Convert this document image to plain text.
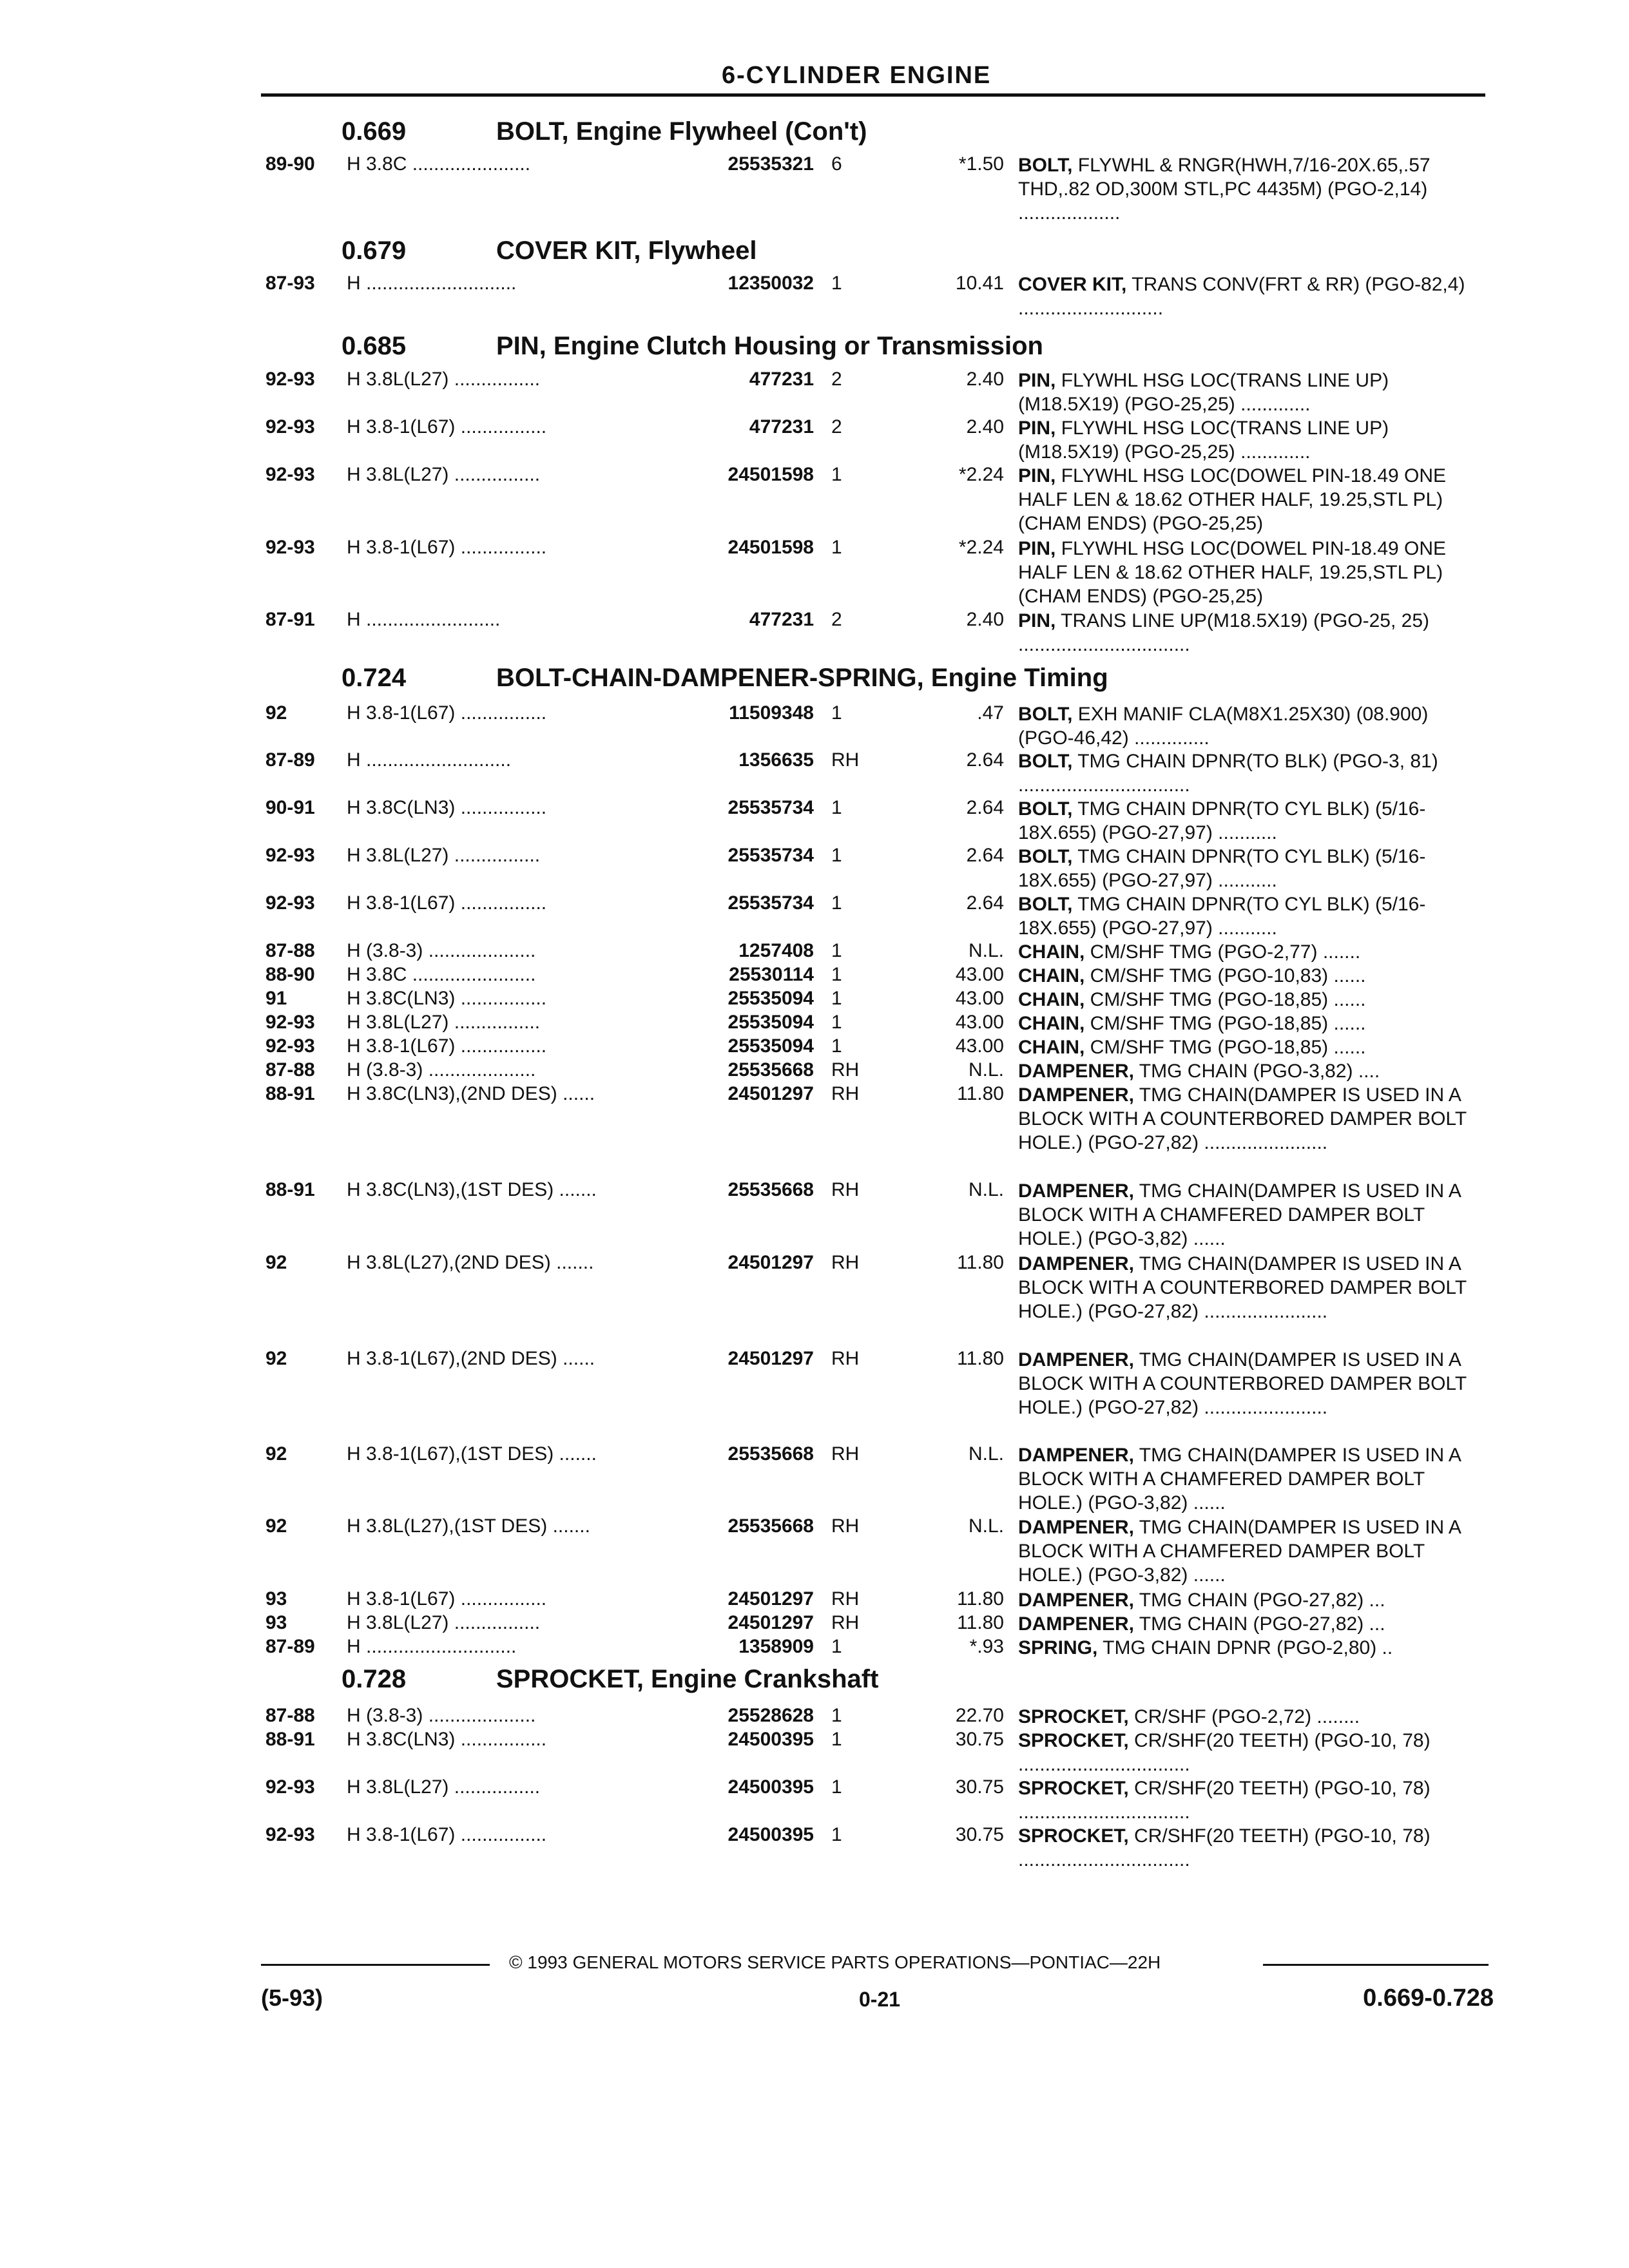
6-CYLINDER ENGINE
0.669	BOLT, Engine Flywheel (Con't)
89-90 H 3.8C ......................	25535321 6	*1.50 BOLT, FLYWHL & RNGR(HWH,7/16-20X.65,.57 THD,.82 OD,300M STL,PC 4435M) (PGO-2,14) ...................
0.679	COVER KIT, Flywheel
87-93 H ............................	12350032 1	10.41 COVER KIT, TRANS CONV(FRT & RR) (PGO-82,4) ...........................
0.685	PIN, Engine Clutch Housing or Transmission
92-93 H 3.8L(L27) ................	477231 2	2.40 PIN, FLYWHL HSG LOC(TRANS LINE UP) (M18.5X19) (PGO-25,25) .............
92-93 H 3.8-1(L67) ................	477231 2	2.40 PIN, FLYWHL HSG LOC(TRANS LINE UP) (M18.5X19) (PGO-25,25) .............
92-93 H 3.8L(L27) ................	24501598 1	*2.24 PIN, FLYWHL HSG LOC(DOWEL PIN-18.49 ONE HALF LEN & 18.62 OTHER HALF, 19.25,STL PL)(CHAM ENDS) (PGO-25,25)
92-93 H 3.8-1(L67) ................	24501598 1	*2.24 PIN, FLYWHL HSG LOC(DOWEL PIN-18.49 ONE HALF LEN & 18.62 OTHER HALF, 19.25,STL PL)(CHAM ENDS) (PGO-25,25)
87-91 H .........................	477231 2	2.40 PIN, TRANS LINE UP(M18.5X19) (PGO-25, 25) ................................
0.724	BOLT-CHAIN-DAMPENER-SPRING, Engine Timing
92	H 3.8-1(L67) ................	11509348 1	.47 BOLT, EXH MANIF CLA(M8X1.25X30) (08.900) (PGO-46,42) ..............
87-89 H ...........................	1356635 RH	2.64 BOLT, TMG CHAIN DPNR(TO BLK) (PGO-3, 81) ................................
90-91 H 3.8C(LN3) ................	25535734 1	2.64 BOLT, TMG CHAIN DPNR(TO CYL BLK) (5/16-18X.655) (PGO-27,97) ...........
92-93 H 3.8L(L27) ................	25535734 1	2.64 BOLT, TMG CHAIN DPNR(TO CYL BLK) (5/16-18X.655) (PGO-27,97) ...........
92-93 H 3.8-1(L67) ................	25535734 1	2.64 BOLT, TMG CHAIN DPNR(TO CYL BLK) (5/16-18X.655) (PGO-27,97) ...........
87-88 H (3.8-3) ....................	1257408 1	N.L. CHAIN, CM/SHF TMG (PGO-2,77) .......
88-90 H 3.8C .......................	25530114 1	43.00 CHAIN, CM/SHF TMG (PGO-10,83) ......
91	H 3.8C(LN3) ................	25535094 1	43.00 CHAIN, CM/SHF TMG (PGO-18,85) ......
92-93 H 3.8L(L27) ................	25535094 1	43.00 CHAIN, CM/SHF TMG (PGO-18,85) ......
92-93 H 3.8-1(L67) ................	25535094 1	43.00 CHAIN, CM/SHF TMG (PGO-18,85) ......
87-88 H (3.8-3) ....................	25535668 RH	N.L. DAMPENER, TMG CHAIN (PGO-3,82) ....
88-91 H 3.8C(LN3),(2ND DES) ......	24501297 RH	11.80 DAMPENER, TMG CHAIN(DAMPER IS USED IN A BLOCK WITH A COUNTERBORED DAMPER BOLT HOLE.) (PGO-27,82) .......................
88-91 H 3.8C(LN3),(1ST DES) .......	25535668 RH	N.L. DAMPENER, TMG CHAIN(DAMPER IS USED IN A BLOCK WITH A CHAMFERED DAMPER BOLT HOLE.) (PGO-3,82) ......
92	H 3.8L(L27),(2ND DES) .......	24501297 RH	11.80 DAMPENER, TMG CHAIN(DAMPER IS USED IN A BLOCK WITH A COUNTERBORED DAMPER BOLT HOLE.) (PGO-27,82) .......................
92	H 3.8-1(L67),(2ND DES) ......	24501297 RH	11.80 DAMPENER, TMG CHAIN(DAMPER IS USED IN A BLOCK WITH A COUNTERBORED DAMPER BOLT HOLE.) (PGO-27,82) .......................
92	H 3.8-1(L67),(1ST DES) .......	25535668 RH	N.L. DAMPENER, TMG CHAIN(DAMPER IS USED IN A BLOCK WITH A CHAMFERED DAMPER BOLT HOLE.) (PGO-3,82) ......
92	H 3.8L(L27),(1ST DES) .......	25535668 RH	N.L. DAMPENER, TMG CHAIN(DAMPER IS USED IN A BLOCK WITH A CHAMFERED DAMPER BOLT HOLE.) (PGO-3,82) ......
93	H 3.8-1(L67) ................	24501297 RH	11.80 DAMPENER, TMG CHAIN (PGO-27,82) ...
93	H 3.8L(L27) ................	24501297 RH	11.80 DAMPENER, TMG CHAIN (PGO-27,82) ...
87-89 H ............................	1358909 1	*.93 SPRING, TMG CHAIN DPNR (PGO-2,80) ..
0.728	SPROCKET, Engine Crankshaft
87-88 H (3.8-3) ....................	25528628 1	22.70 SPROCKET, CR/SHF (PGO-2,72) ........
88-91 H 3.8C(LN3) ................	24500395 1	30.75 SPROCKET, CR/SHF(20 TEETH) (PGO-10, 78) ................................
92-93 H 3.8L(L27) ................	24500395 1	30.75 SPROCKET, CR/SHF(20 TEETH) (PGO-10, 78) ................................
92-93 H 3.8-1(L67) ................	24500395 1	30.75 SPROCKET, CR/SHF(20 TEETH) (PGO-10, 78) ................................
© 1993 GENERAL MOTORS SERVICE PARTS OPERATIONS—PONTIAC—22H
(5-93)	0-21	0.669-0.728
